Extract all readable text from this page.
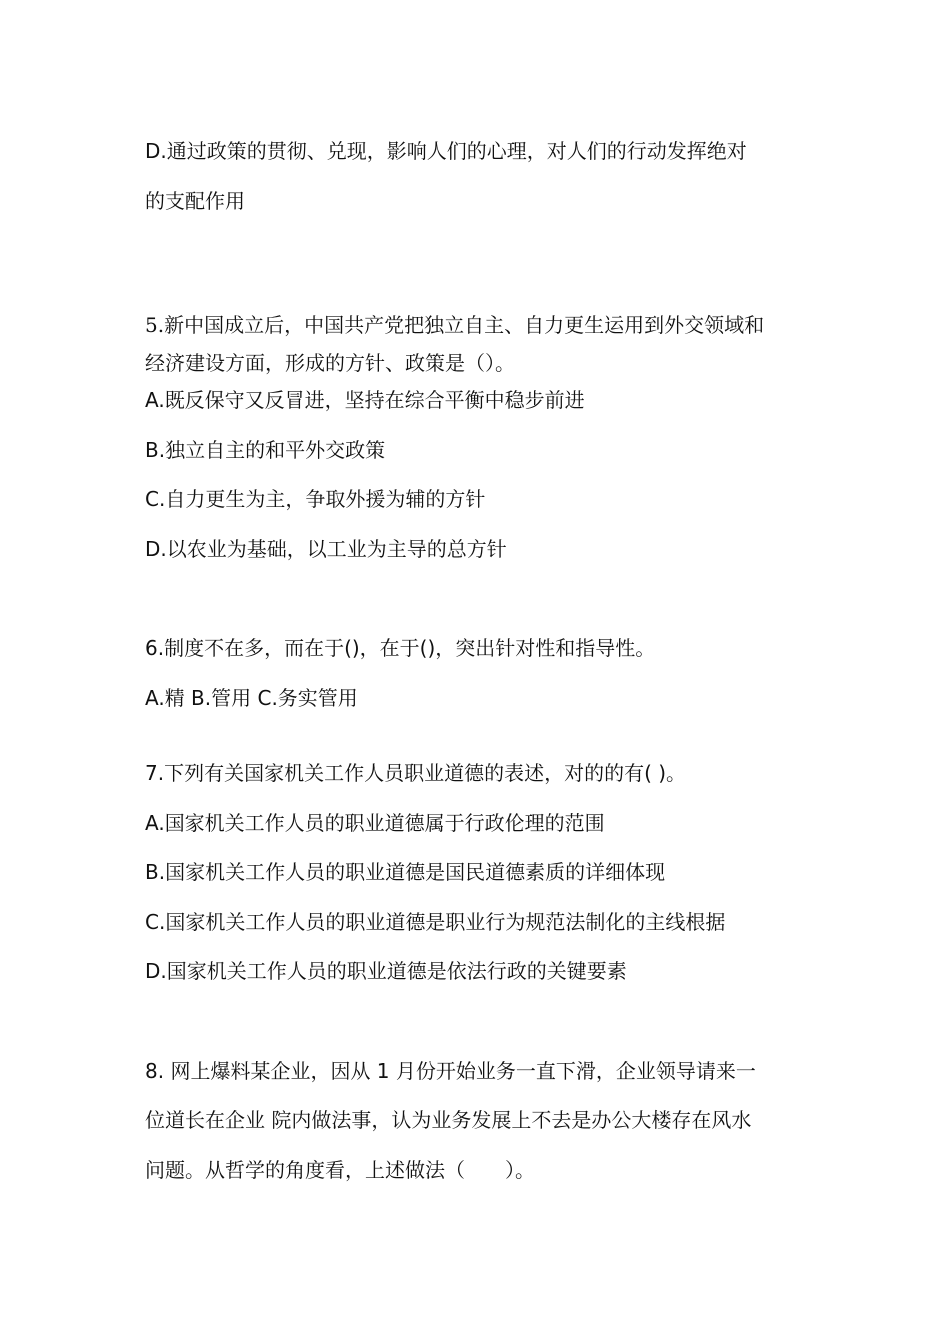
D.通过政策的贯彻、兑现，影响人们的心理，对人们的行动发挥绝对
的支配作用
5.新中国成立后，中国共产党把独立自主、自力更生运用到外交领域和
经济建设方面，形成的方针、政策是（）。
A.既反保守又反冒进，坚持在综合平衡中稳步前进
B.独立自主的和平外交政策
C.自力更生为主，争取外援为辅的方针
D.以农业为基础，以工业为主导的总方针
6.制度不在多，而在于()，在于()，突出针对性和指导性。
A.精 B.管用 C.务实管用
7.下列有关国家机关工作人员职业道德的表述，对的的有( )。
A.国家机关工作人员的职业道德属于行政伦理的范围
B.国家机关工作人员的职业道德是国民道德素质的详细体现
C.国家机关工作人员的职业道德是职业行为规范法制化的主线根据
D.国家机关工作人员的职业道德是依法行政的关键要素
8. 网上爆料某企业，因从 1 月份开始业务一直下滑，企业领导请来一
位道长在企业 院内做法事，认为业务发展上不去是办公大楼存在风水
问题。从哲学的角度看，上述做法（　　）。
